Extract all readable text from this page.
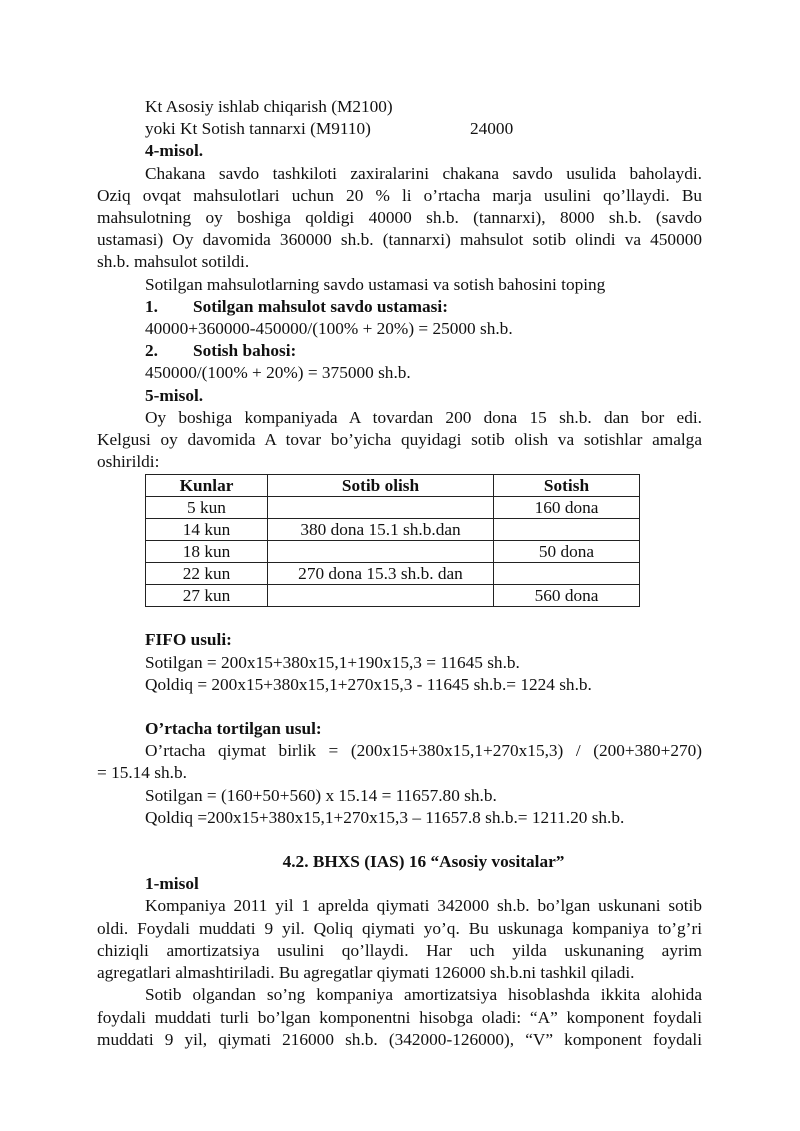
Kt Asosiy ishlab chiqarish (M2100)
yoki Kt Sotish tannarxi (M9110)	24000
4-misol.
Chakana savdo tashkiloti zaxiralarini chakana savdo usulida baholaydi.
Oziq ovqat mahsulotlari uchun 20 % li o’rtacha marja usulini qo’llaydi. Bu
mahsulotning oy boshiga qoldigi 40000 sh.b. (tannarxi), 8000 sh.b. (savdo
ustamasi) Oy davomida 360000 sh.b. (tannarxi) mahsulot sotib olindi va 450000
sh.b. mahsulot sotildi.
Sotilgan mahsulotlarning savdo ustamasi va sotish bahosini toping
1.	Sotilgan mahsulot savdo ustamasi:
40000+360000-450000/(100% + 20%) = 25000 sh.b.
2.	Sotish bahosi:
450000/(100% + 20%) = 375000 sh.b.
5-misol.
Oy boshiga kompaniyada A tovardan 200 dona 15 sh.b. dan bor edi.
Kelgusi oy davomida A tovar bo’yicha quyidagi sotib olish va sotishlar amalga
oshirildi:
Kunlar	Sotib olish	Sotish
5 kun		160 dona
14 kun	380 dona 15.1 sh.b.dan	
18 kun		50 dona
22 kun	270 dona 15.3 sh.b. dan	
27 kun		560 dona
FIFO usuli:
Sotilgan = 200x15+380x15,1+190x15,3 = 11645 sh.b.
Qoldiq = 200x15+380x15,1+270x15,3 - 11645 sh.b.= 1224 sh.b.
O’rtacha tortilgan usul:
O’rtacha qiymat birlik = (200x15+380x15,1+270x15,3) / (200+380+270)
= 15.14 sh.b.
Sotilgan = (160+50+560) x 15.14 = 11657.80 sh.b.
Qoldiq =200x15+380x15,1+270x15,3 – 11657.8 sh.b.= 1211.20 sh.b.
4.2. BHXS (IAS) 16 “Asosiy vositalar”
1-misol
Kompaniya 2011 yil 1 aprelda qiymati 342000 sh.b. bo’lgan uskunani sotib
oldi. Foydali muddati 9 yil. Qoliq qiymati yo’q. Bu uskunaga kompaniya to’g’ri
chiziqli amortizatsiya usulini qo’llaydi. Har uch yilda uskunaning ayrim
agregatlari almashtiriladi. Bu agregatlar qiymati 126000 sh.b.ni tashkil qiladi.
Sotib olgandan so’ng kompaniya amortizatsiya hisoblashda ikkita alohida
foydali muddati turli bo’lgan komponentni hisobga oladi: “A” komponent foydali
muddati 9 yil, qiymati 216000 sh.b. (342000-126000), “V” komponent foydali
